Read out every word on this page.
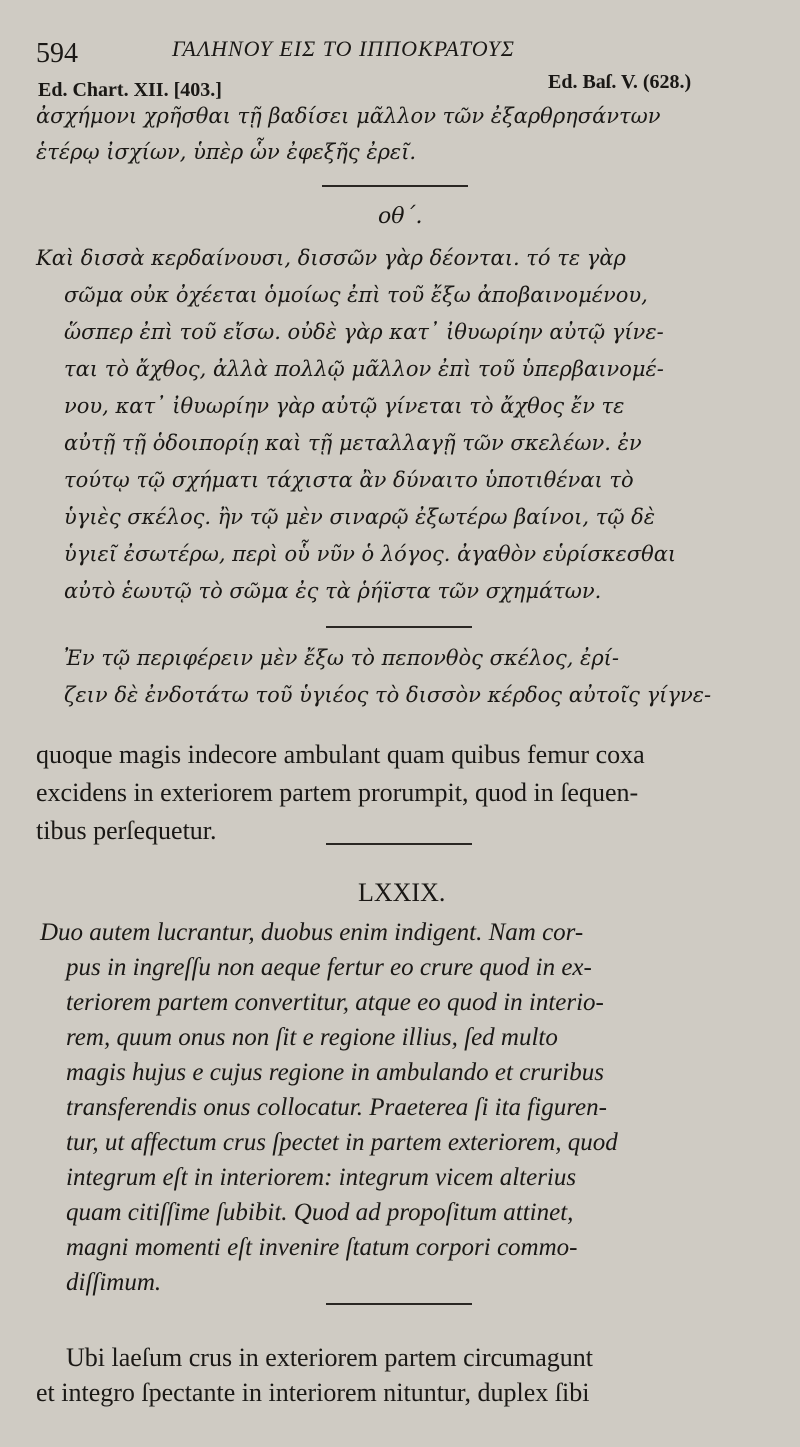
594	ΓΑΛΗΝΟΥ ΕΙΣ ΤΟ ΙΠΠΟΚΡΑΤΟΥΣ
Ed. Chart. XII. [403.]	Ed. Baſ. V. (628.)
ἀσχήμονι χρῆσθαι τῇ βαδίσει μᾶλλον τῶν ἐξαρθρησάντων
ἑτέρῳ ἰσχίων, ὑπὲρ ὧν ἐφεξῆς ἐρεῖ.
οθ΄.
Καὶ δισσὰ κερδαίνουσι, δισσῶν γὰρ δέονται. τό τε γὰρ
σῶμα οὐκ ὀχέεται ὁμοίως ἐπὶ τοῦ ἔξω ἀποβαινομένου,
ὥσπερ ἐπὶ τοῦ εἴσω. οὐδὲ γὰρ κατ᾽ ἰθυωρίην αὐτῷ γίνε-
ται τὸ ἄχθος, ἀλλὰ πολλῷ μᾶλλον ἐπὶ τοῦ ὑπερβαινομέ-
νου, κατ᾽ ἰθυωρίην γὰρ αὐτῷ γίνεται τὸ ἄχθος ἔν τε
αὐτῇ τῇ ὁδοιπορίῃ καὶ τῇ μεταλλαγῇ τῶν σκελέων. ἐν
τούτῳ τῷ σχήματι τάχιστα ἂν δύναιτο ὑποτιθέναι τὸ
ὑγιὲς σκέλος. ἢν τῷ μὲν σιναρῷ ἐξωτέρω βαίνοι, τῷ δὲ
ὑγιεῖ ἐσωτέρω, περὶ οὗ νῦν ὁ λόγος. ἀγαθὸν εὑρίσκεσθαι
αὐτὸ ἑωυτῷ τὸ σῶμα ἐς τὰ ῥήϊστα τῶν σχημάτων.
Ἐν τῷ περιφέρειν μὲν ἔξω τὸ πεπονθὸς σκέλος, ἐρί-
ζειν δὲ ἐνδοτάτω τοῦ ὑγιέος τὸ δισσὸν κέρδος αὐτοῖς γίγνε-
quoque magis indecore ambulant quam quibus femur coxa
excidens in exteriorem partem prorumpit, quod in ſequen-
tibus perſequetur.
LXXIX.
Duo autem lucrantur, duobus enim indigent. Nam cor-
pus in ingreſſu non aeque fertur eo crure quod in ex-
teriorem partem convertitur, atque eo quod in interio-
rem, quum onus non ſit e regione illius, ſed multo
magis hujus e cujus regione in ambulando et cruribus
transferendis onus collocatur. Praeterea ſi ita figuren-
tur, ut affectum crus ſpectet in partem exteriorem, quod
integrum eſt in interiorem: integrum vicem alterius
quam citiſſime ſubibit. Quod ad propoſitum attinet,
magni momenti eſt invenire ſtatum corpori commo-
diſſimum.
Ubi laeſum crus in exteriorem partem circumagunt
et integro ſpectante in interiorem nituntur, duplex ſibi
